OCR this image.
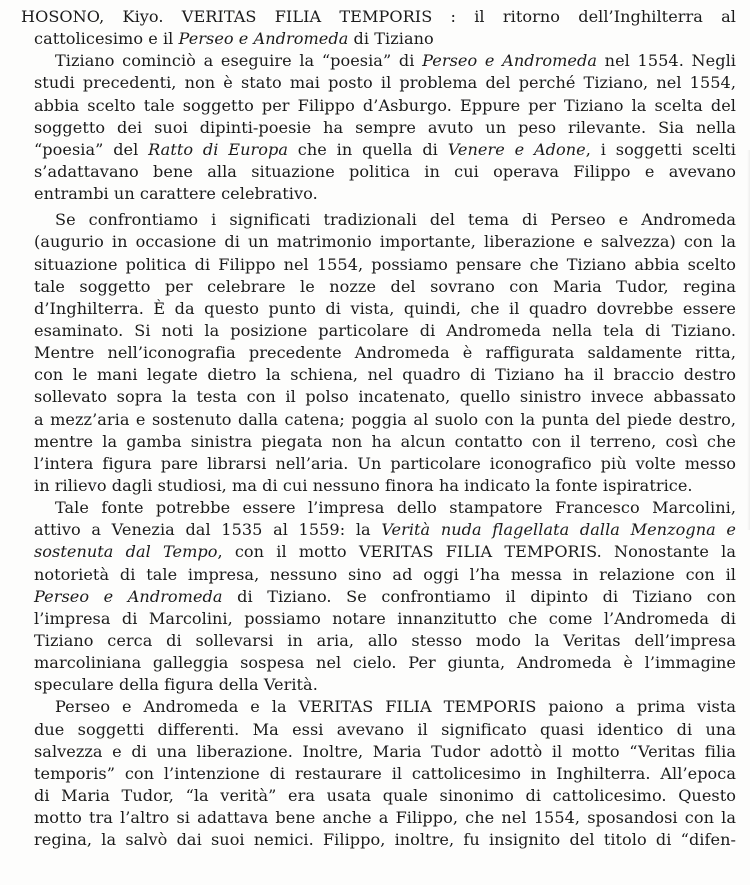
HOSONO, Kiyo. VERITAS FILIA TEMPORIS : il ritorno dell’Inghilterra al
cattolicesimo e il Perseo e Andromeda di Tiziano
Tiziano cominciò a eseguire la “poesia” di Perseo e Andromeda nel 1554. Negli
studi precedenti, non è stato mai posto il problema del perché Tiziano, nel 1554,
abbia scelto tale soggetto per Filippo d’Asburgo. Eppure per Tiziano la scelta del
soggetto dei suoi dipinti-poesie ha sempre avuto un peso rilevante. Sia nella
“poesia” del Ratto di Europa che in quella di Venere e Adone, i soggetti scelti
s’adattavano bene alla situazione politica in cui operava Filippo e avevano
entrambi un carattere celebrativo.
Se confrontiamo i significati tradizionali del tema di Perseo e Andromeda
(augurio in occasione di un matrimonio importante, liberazione e salvezza) con la
situazione politica di Filippo nel 1554, possiamo pensare che Tiziano abbia scelto
tale soggetto per celebrare le nozze del sovrano con Maria Tudor, regina
d’Inghilterra. È da questo punto di vista, quindi, che il quadro dovrebbe essere
esaminato. Si noti la posizione particolare di Andromeda nella tela di Tiziano.
Mentre nell’iconografia precedente Andromeda è raffigurata saldamente ritta,
con le mani legate dietro la schiena, nel quadro di Tiziano ha il braccio destro
sollevato sopra la testa con il polso incatenato, quello sinistro invece abbassato
a mezz’aria e sostenuto dalla catena; poggia al suolo con la punta del piede destro,
mentre la gamba sinistra piegata non ha alcun contatto con il terreno, così che
l’intera figura pare librarsi nell’aria. Un particolare iconografico più volte messo
in rilievo dagli studiosi, ma di cui nessuno finora ha indicato la fonte ispiratrice.
Tale fonte potrebbe essere l’impresa dello stampatore Francesco Marcolini,
attivo a Venezia dal 1535 al 1559: la Verità nuda flagellata dalla Menzogna e
sostenuta dal Tempo, con il motto VERITAS FILIA TEMPORIS. Nonostante la
notorietà di tale impresa, nessuno sino ad oggi l’ha messa in relazione con il
Perseo e Andromeda di Tiziano. Se confrontiamo il dipinto di Tiziano con
l’impresa di Marcolini, possiamo notare innanzitutto che come l’Andromeda di
Tiziano cerca di sollevarsi in aria, allo stesso modo la Veritas dell’impresa
marcoliniana galleggia sospesa nel cielo. Per giunta, Andromeda è l’immagine
speculare della figura della Verità.
Perseo e Andromeda e la VERITAS FILIA TEMPORIS paiono a prima vista
due soggetti differenti. Ma essi avevano il significato quasi identico di una
salvezza e di una liberazione. Inoltre, Maria Tudor adottò il motto “Veritas filia
temporis” con l’intenzione di restaurare il cattolicesimo in Inghilterra. All’epoca
di Maria Tudor, “la verità” era usata quale sinonimo di cattolicesimo. Questo
motto tra l’altro si adattava bene anche a Filippo, che nel 1554, sposandosi con la
regina, la salvò dai suoi nemici. Filippo, inoltre, fu insignito del titolo di “difen-
